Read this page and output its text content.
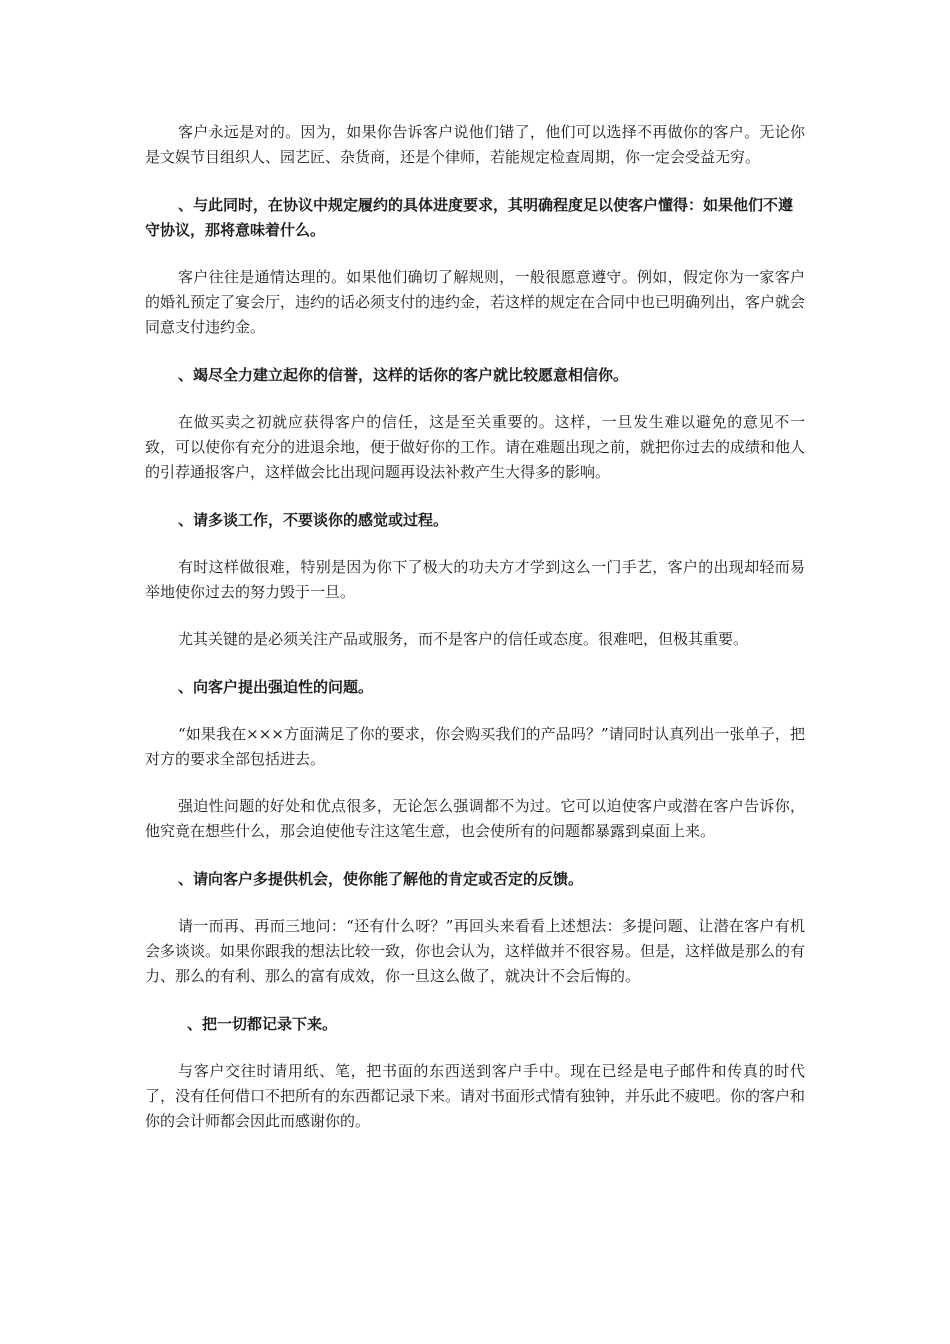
客户永远是对的。因为，如果你告诉客户说他们错了，他们可以选择不再做你的客户。无论你是文娱节目组织人、园艺匠、杂货商，还是个律师，若能规定检查周期，你一定会受益无穷。

、与此同时，在协议中规定履约的具体进度要求，其明确程度足以使客户懂得：如果他们不遵守协议，那将意味着什么。

客户往往是通情达理的。如果他们确切了解规则，一般很愿意遵守。例如，假定你为一家客户的婚礼预定了宴会厅，违约的话必须支付的违约金，若这样的规定在合同中也已明确列出，客户就会同意支付违约金。

、竭尽全力建立起你的信誉，这样的话你的客户就比较愿意相信你。

在做买卖之初就应获得客户的信任，这是至关重要的。这样，一旦发生难以避免的意见不一致，可以使你有充分的进退余地，便于做好你的工作。请在难题出现之前，就把你过去的成绩和他人的引荐通报客户，这样做会比出现问题再设法补救产生大得多的影响。

、请多谈工作，不要谈你的感觉或过程。

有时这样做很难，特别是因为你下了极大的功夫方才学到这么一门手艺，客户的出现却轻而易举地使你过去的努力毁于一旦。

尤其关键的是必须关注产品或服务，而不是客户的信任或态度。很难吧，但极其重要。

、向客户提出强迫性的问题。

“如果我在×××方面满足了你的要求，你会购买我们的产品吗？”请同时认真列出一张单子，把对方的要求全部包括进去。

强迫性问题的好处和优点很多，无论怎么强调都不为过。它可以迫使客户或潜在客户告诉你，他究竟在想些什么，那会迫使他专注这笔生意，也会使所有的问题都暴露到桌面上来。

、请向客户多提供机会，使你能了解他的肯定或否定的反馈。

请一而再、再而三地问：“还有什么呀？”再回头来看看上述想法：多提问题、让潜在客户有机会多谈谈。如果你跟我的想法比较一致，你也会认为，这样做并不很容易。但是，这样做是那么的有力、那么的有利、那么的富有成效，你一旦这么做了，就决计不会后悔的。

、把一切都记录下来。

与客户交往时请用纸、笔，把书面的东西送到客户手中。现在已经是电子邮件和传真的时代了，没有任何借口不把所有的东西都记录下来。请对书面形式情有独钟，并乐此不疲吧。你的客户和你的会计师都会因此而感谢你的。
